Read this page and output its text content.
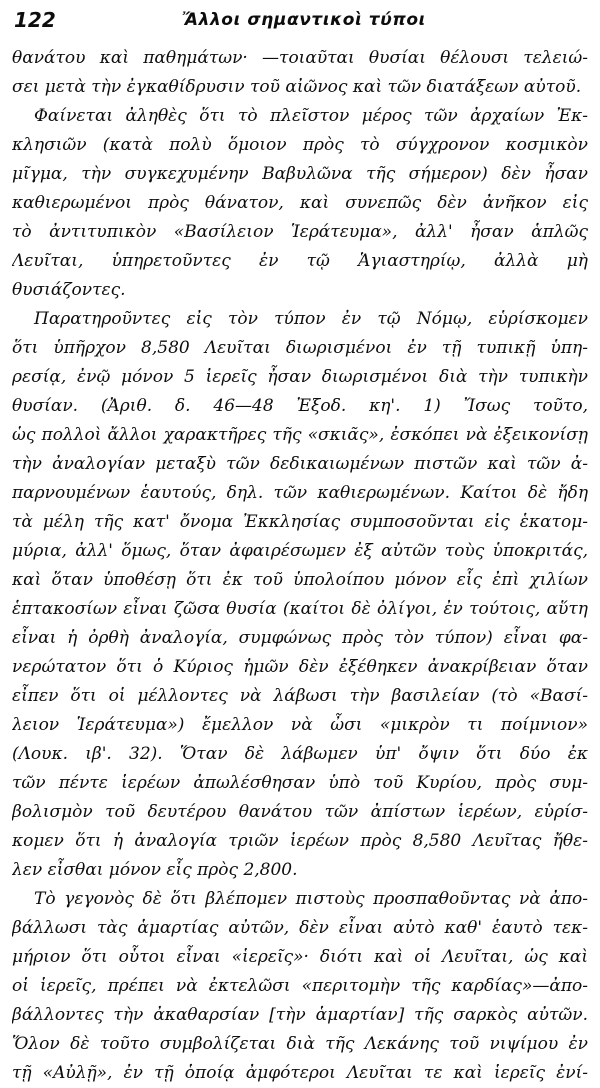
122	Ἄλλοι σημαντικοὶ τύποι
θανάτου καὶ παθημάτων· —τοιαῦται θυσίαι θέλουσι τελειώ-
σει μετὰ τὴν ἐγκαθίδρυσιν τοῦ αἰῶνος καὶ τῶν διατάξεων αὐτοῦ.
Φαίνεται ἀληθὲς ὅτι τὸ πλεῖστον μέρος τῶν ἀρχαίων Ἐκ-
κλησιῶν (κατὰ πολὺ ὅμοιον πρὸς τὸ σύγχρονον κοσμικὸν
μῖγμα, τὴν συγκεχυμένην Βαβυλῶνα τῆς σήμερον) δὲν ἦσαν
καθιερωμένοι πρὸς θάνατον, καὶ συνεπῶς δὲν ἀνῆκον εἰς
τὸ ἀντιτυπικὸν «Βασίλειον Ἱεράτευμα», ἀλλ' ἦσαν ἁπλῶς
Λευῖται, ὑπηρετοῦντες ἐν τῷ Ἁγιαστηρίῳ, ἀλλὰ μὴ
θυσιάζοντες.
Παρατηροῦντες εἰς τὸν τύπον ἐν τῷ Νόμῳ, εὑρίσκομεν
ὅτι ὑπῆρχον 8,580 Λευῖται διωρισμένοι ἐν τῇ τυπικῇ ὑπη-
ρεσίᾳ, ἐνῷ μόνον 5 ἱερεῖς ἦσαν διωρισμένοι διὰ τὴν τυπικὴν
θυσίαν. (Ἀριθ. δ. 46—48 Ἐξοδ. κη'. 1) Ἴσως τοῦτο,
ὡς πολλοὶ ἄλλοι χαρακτῆρες τῆς «σκιᾶς», ἐσκόπει νὰ ἐξεικονίσῃ
τὴν ἀναλογίαν μεταξὺ τῶν δεδικαιωμένων πιστῶν καὶ τῶν ἀ-
παρνουμένων ἑαυτούς, δηλ. τῶν καθιερωμένων. Καίτοι δὲ ἤδη
τὰ μέλη τῆς κατ' ὄνομα Ἐκκλησίας συμποσοῦνται εἰς ἑκατομ-
μύρια, ἀλλ' ὅμως, ὅταν ἀφαιρέσωμεν ἐξ αὐτῶν τοὺς ὑποκριτάς,
καὶ ὅταν ὑποθέσῃ ὅτι ἐκ τοῦ ὑπολοίπου μόνον εἷς ἐπὶ χιλίων
ἑπτακοσίων εἶναι ζῶσα θυσία (καίτοι δὲ ὀλίγοι, ἐν τούτοις, αὕτη
εἶναι ἡ ὀρθὴ ἀναλογία, συμφώνως πρὸς τὸν τύπον) εἶναι φα-
νερώτατον ὅτι ὁ Κύριος ἡμῶν δὲν ἐξέθηκεν ἀνακρίβειαν ὅταν
εἶπεν ὅτι οἱ μέλλοντες νὰ λάβωσι τὴν βασιλείαν (τὸ «Βασί-
λειον Ἱεράτευμα») ἔμελλον νὰ ὦσι «μικρὸν τι ποίμνιον»
(Λουκ. ιβ'. 32). Ὅταν δὲ λάβωμεν ὑπ' ὄψιν ὅτι δύο ἐκ
τῶν πέντε ἱερέων ἀπωλέσθησαν ὑπὸ τοῦ Κυρίου, πρὸς συμ-
βολισμὸν τοῦ δευτέρου θανάτου τῶν ἀπίστων ἱερέων, εὑρίσ-
κομεν ὅτι ἡ ἀναλογία τριῶν ἱερέων πρὸς 8,580 Λευῖτας ἤθε-
λεν εἶσθαι μόνον εἷς πρὸς 2,800.
Τὸ γεγονὸς δὲ ὅτι βλέπομεν πιστοὺς προσπαθοῦντας νὰ ἀπο-
βάλλωσι τὰς ἁμαρτίας αὐτῶν, δὲν εἶναι αὐτὸ καθ' ἑαυτὸ τεκ-
μήριον ὅτι οὗτοι εἶναι «ἱερεῖς»· διότι καὶ οἱ Λευῖται, ὡς καὶ
οἱ ἱερεῖς, πρέπει νὰ ἐκτελῶσι «περιτομὴν τῆς καρδίας»—ἀπο-
βάλλοντες τὴν ἀκαθαρσίαν [τὴν ἁμαρτίαν] τῆς σαρκὸς αὐτῶν.
Ὅλον δὲ τοῦτο συμβολίζεται διὰ τῆς Λεκάνης τοῦ νιψίμου ἐν
τῇ «Αὐλῇ», ἐν τῇ ὁποίᾳ ἀμφότεροι Λευῖται τε καὶ ἱερεῖς ἐνί-
